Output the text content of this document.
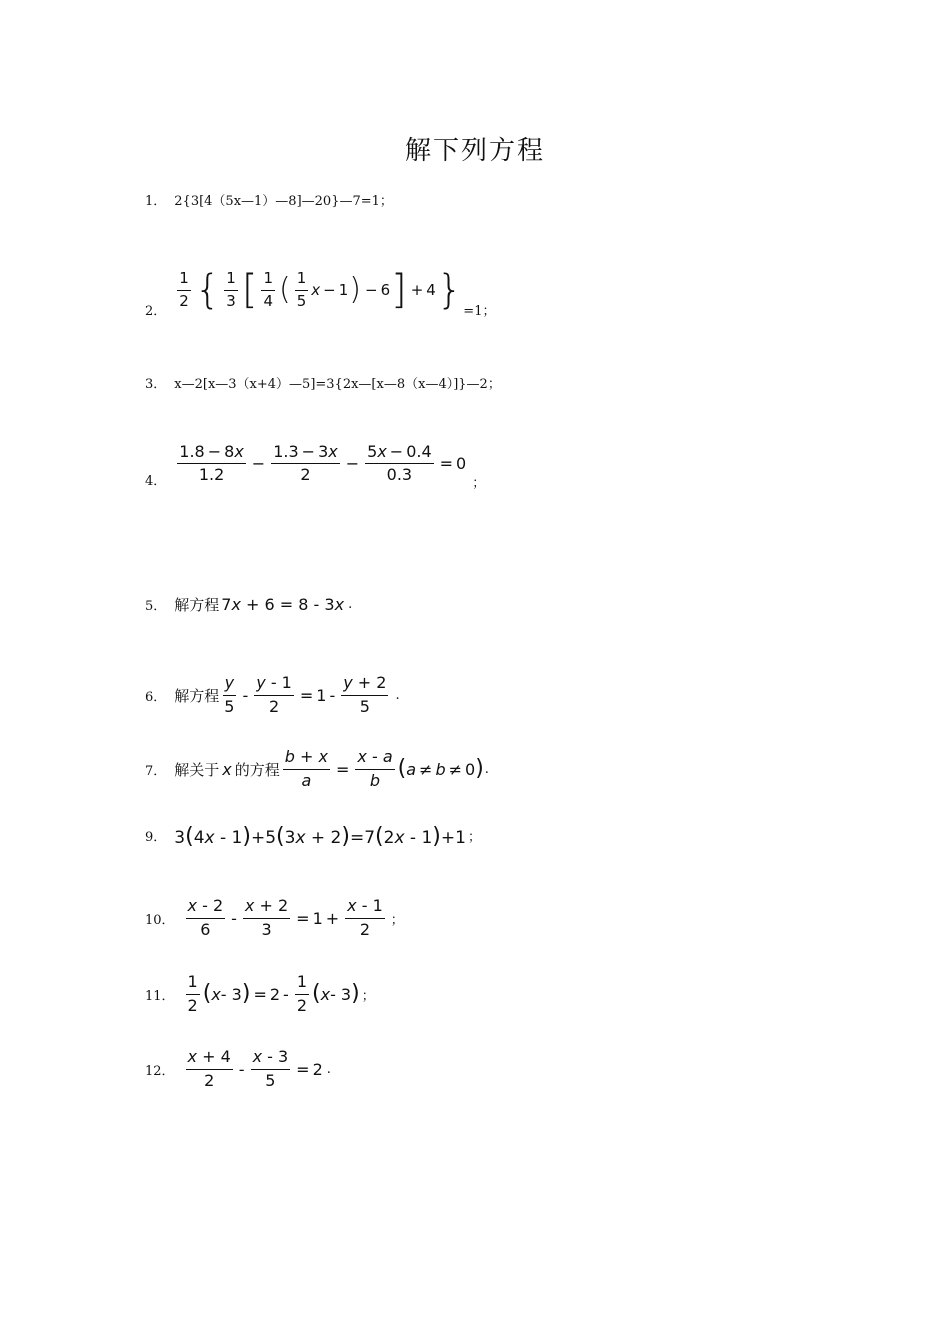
解下列方程
1． 2{3[4（5x—1）—8]—20}—7=1；
2．
$\frac{1}{2}$ { $\frac{1}{3}$ [ $\frac{1}{4}$ ( $\frac{1}{5}$ x − 1 ) − 6 ] + 4 } =1；
3． x—2[x—3（x+4）—5]=3{2x—[x—8（x—4）]}—2；
4． $\frac{1.8 - 8x}{1.2} - \frac{1.3 - 3x}{2} - \frac{5x - 0.4}{0.3} = 0$
；
5． 解方程 7x + 6 = 8 - 3x .
6． 解方程 $\frac{y}{5} - \frac{y - 1}{2} = 1 - \frac{y + 2}{5}$ .
7． 解关于 x 的方程 $\frac{b + x}{a} = \frac{x - a}{b}$ ( a ≠ b ≠ 0 ) .
9． 3(4x - 1)+5(3x + 2)=7(2x - 1)+1 ；
10． $\frac{x - 2}{6} - \frac{x + 2}{3} = 1 + \frac{x - 1}{2}$ ；
11． $\frac{1}{2}$ ( x - 3 ) = $2 - \frac{1}{2}$ ( x - 3 ) ；
12． $\frac{x + 4}{2} - \frac{x - 3}{5} = 2$ .
